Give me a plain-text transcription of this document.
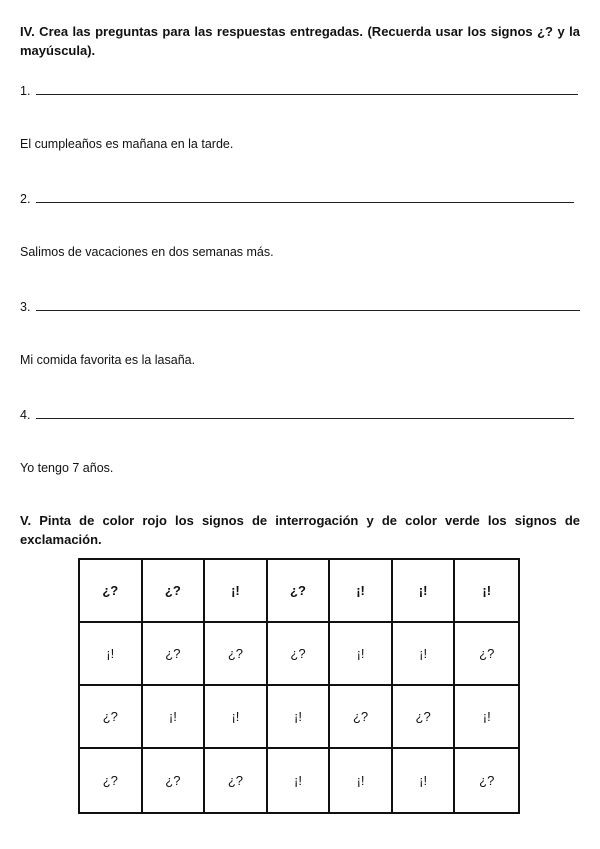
IV. Crea las preguntas para las respuestas entregadas. (Recuerda usar los signos ¿? y la mayúscula).

1.
El cumpleaños es mañana en la tarde.
2.
Salimos de vacaciones en dos semanas más.
3.
Mi comida favorita es la lasaña.
4.
Yo tengo 7 años.

V. Pinta de color rojo los signos de interrogación y de color verde los signos de exclamación.

¿?	¿?	¡!	¿?	¡!	¡!	¡!
¡!	¿?	¿?	¿?	¡!	¡!	¿?
¿?	¡!	¡!	¡!	¿?	¿?	¡!
¿?	¿?	¿?	¡!	¡!	¡!	¿?
